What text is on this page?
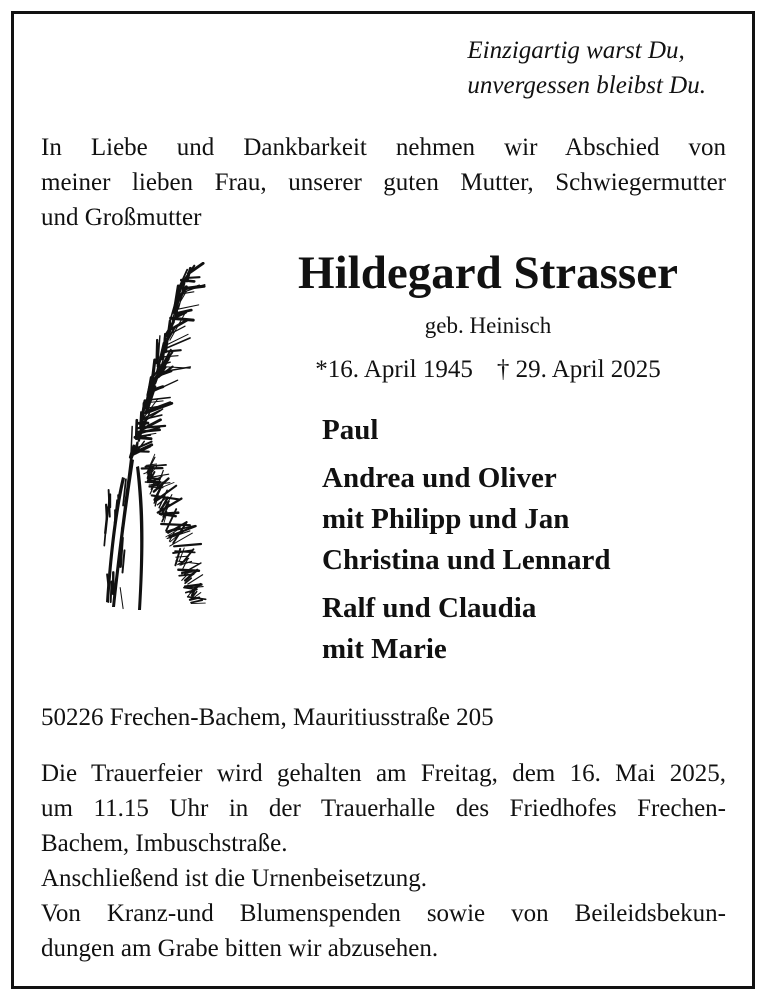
Einzigartig warst Du,
unvergessen bleibst Du.
In Liebe und Dankbarkeit nehmen wir Abschied von
meiner lieben Frau, unserer guten Mutter, Schwiegermutter
und Großmutter
Hildegard Strasser
geb. Heinisch
*16. April 1945 † 29. April 2025
Paul
Andrea und Oliver
mit Philipp und Jan
Christina und Lennard
Ralf und Claudia
mit Marie
50226 Frechen-Bachem, Mauritiusstraße 205
Die Trauerfeier wird gehalten am Freitag, dem 16. Mai 2025,
um 11.15 Uhr in der Trauerhalle des Friedhofes Frechen-
Bachem, Imbuschstraße.
Anschließend ist die Urnenbeisetzung.
Von Kranz-und Blumenspenden sowie von Beileidsbekun-
dungen am Grabe bitten wir abzusehen.
